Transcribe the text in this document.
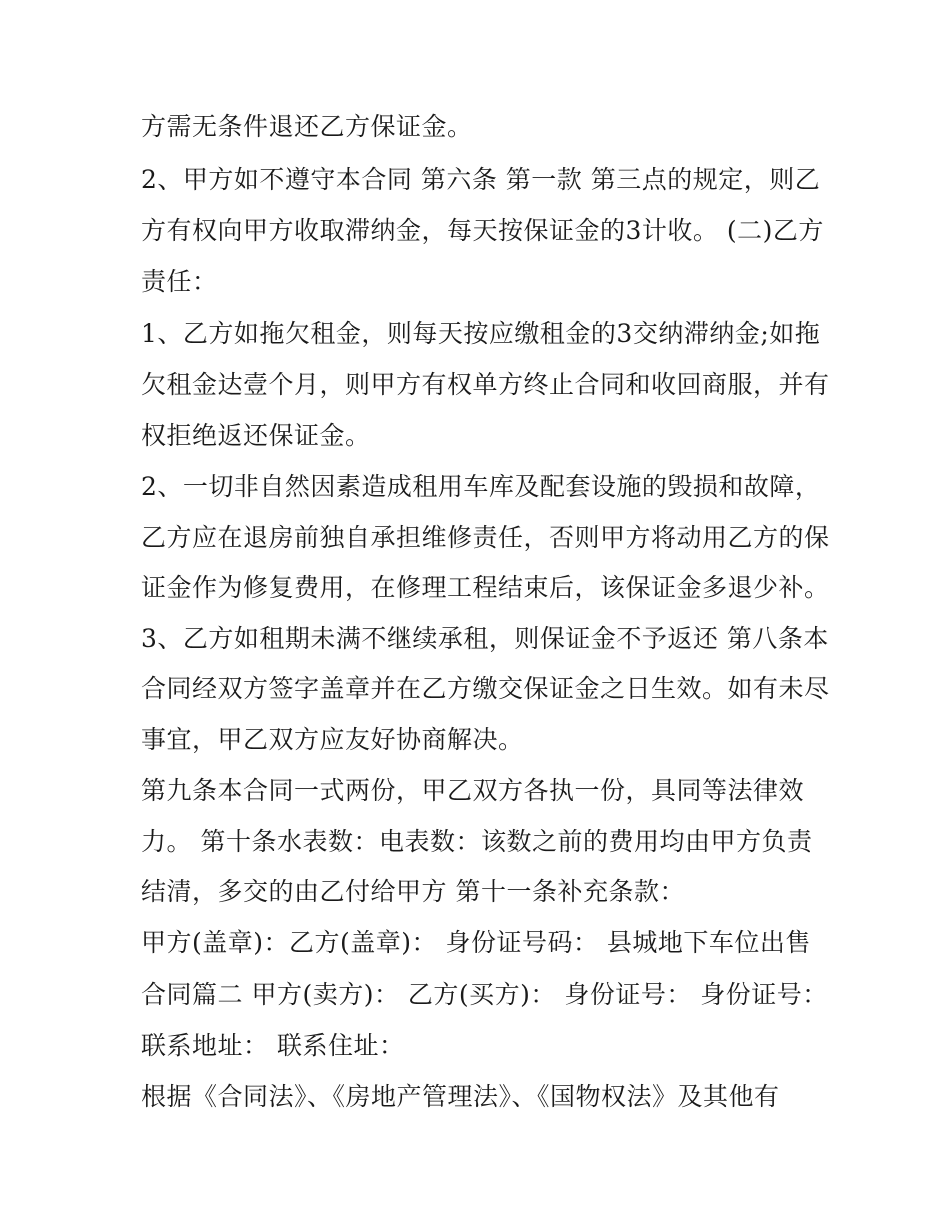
方需无条件退还乙方保证金。
2、甲方如不遵守本合同 第六条 第一款 第三点的规定，则乙
方有权向甲方收取滞纳金，每天按保证金的3计收。 (二)乙方
责任：
1、乙方如拖欠租金，则每天按应缴租金的3交纳滞纳金;如拖
欠租金达壹个月，则甲方有权单方终止合同和收回商服，并有
权拒绝返还保证金。
2、一切非自然因素造成租用车库及配套设施的毁损和故障，
乙方应在退房前独自承担维修责任，否则甲方将动用乙方的保
证金作为修复费用，在修理工程结束后，该保证金多退少补。
3、乙方如租期未满不继续承租，则保证金不予返还 第八条本
合同经双方签字盖章并在乙方缴交保证金之日生效。如有未尽
事宜，甲乙双方应友好协商解决。
第九条本合同一式两份，甲乙双方各执一份，具同等法律效
力。 第十条水表数：电表数：该数之前的费用均由甲方负责
结清，多交的由乙付给甲方 第十一条补充条款：
甲方(盖章)：乙方(盖章)： 身份证号码： 县城地下车位出售
合同篇二 甲方(卖方)： 乙方(买方)： 身份证号： 身份证号：
联系地址： 联系住址：
根据《合同法》、《房地产管理法》、《国物权法》及其他有
